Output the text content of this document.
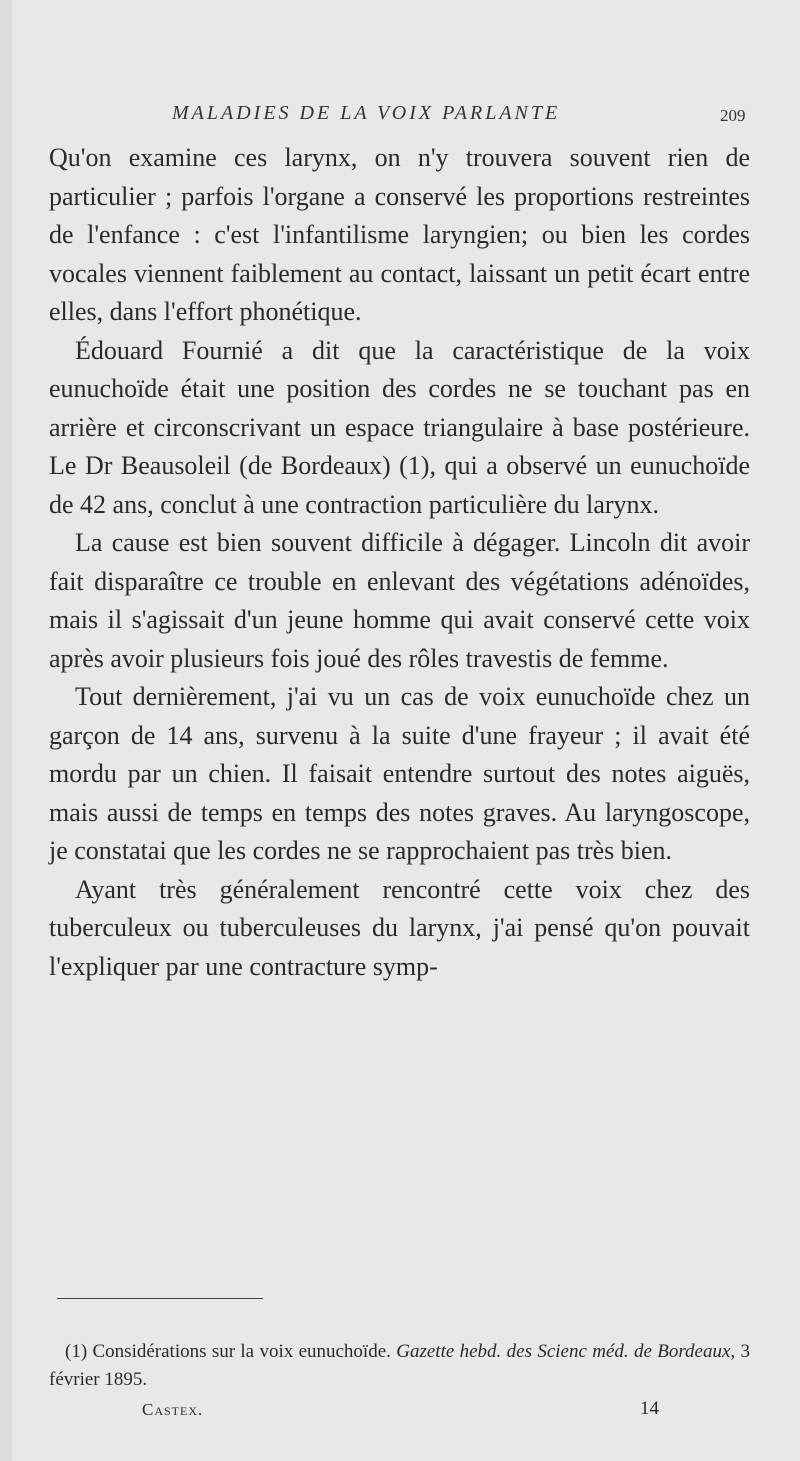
MALADIES DE LA VOIX PARLANTE	209

Qu'on examine ces larynx, on n'y trouvera souvent rien de particulier ; parfois l'organe a conservé les proportions restreintes de l'enfance : c'est l'infantilisme laryngien; ou bien les cordes vocales viennent faiblement au contact, laissant un petit écart entre elles, dans l'effort phonétique.

Édouard Fournié a dit que la caractéristique de la voix eunuchoïde était une position des cordes ne se touchant pas en arrière et circonscrivant un espace triangulaire à base postérieure. Le Dr Beausoleil (de Bordeaux) (1), qui a observé un eunuchoïde de 42 ans, conclut à une contraction particulière du larynx.

La cause est bien souvent difficile à dégager. Lincoln dit avoir fait disparaître ce trouble en enlevant des végétations adénoïdes, mais il s'agissait d'un jeune homme qui avait conservé cette voix après avoir plusieurs fois joué des rôles travestis de femme.

Tout dernièrement, j'ai vu un cas de voix eunuchoïde chez un garçon de 14 ans, survenu à la suite d'une frayeur ; il avait été mordu par un chien. Il faisait entendre surtout des notes aiguës, mais aussi de temps en temps des notes graves. Au laryngoscope, je constatai que les cordes ne se rapprochaient pas très bien.

Ayant très généralement rencontré cette voix chez des tuberculeux ou tuberculeuses du larynx, j'ai pensé qu'on pouvait l'expliquer par une contracture symp-

(1) Considérations sur la voix eunuchoïde. Gazette hebd. des Scienc méd. de Bordeaux, 3 février 1895.

Castex.	14
